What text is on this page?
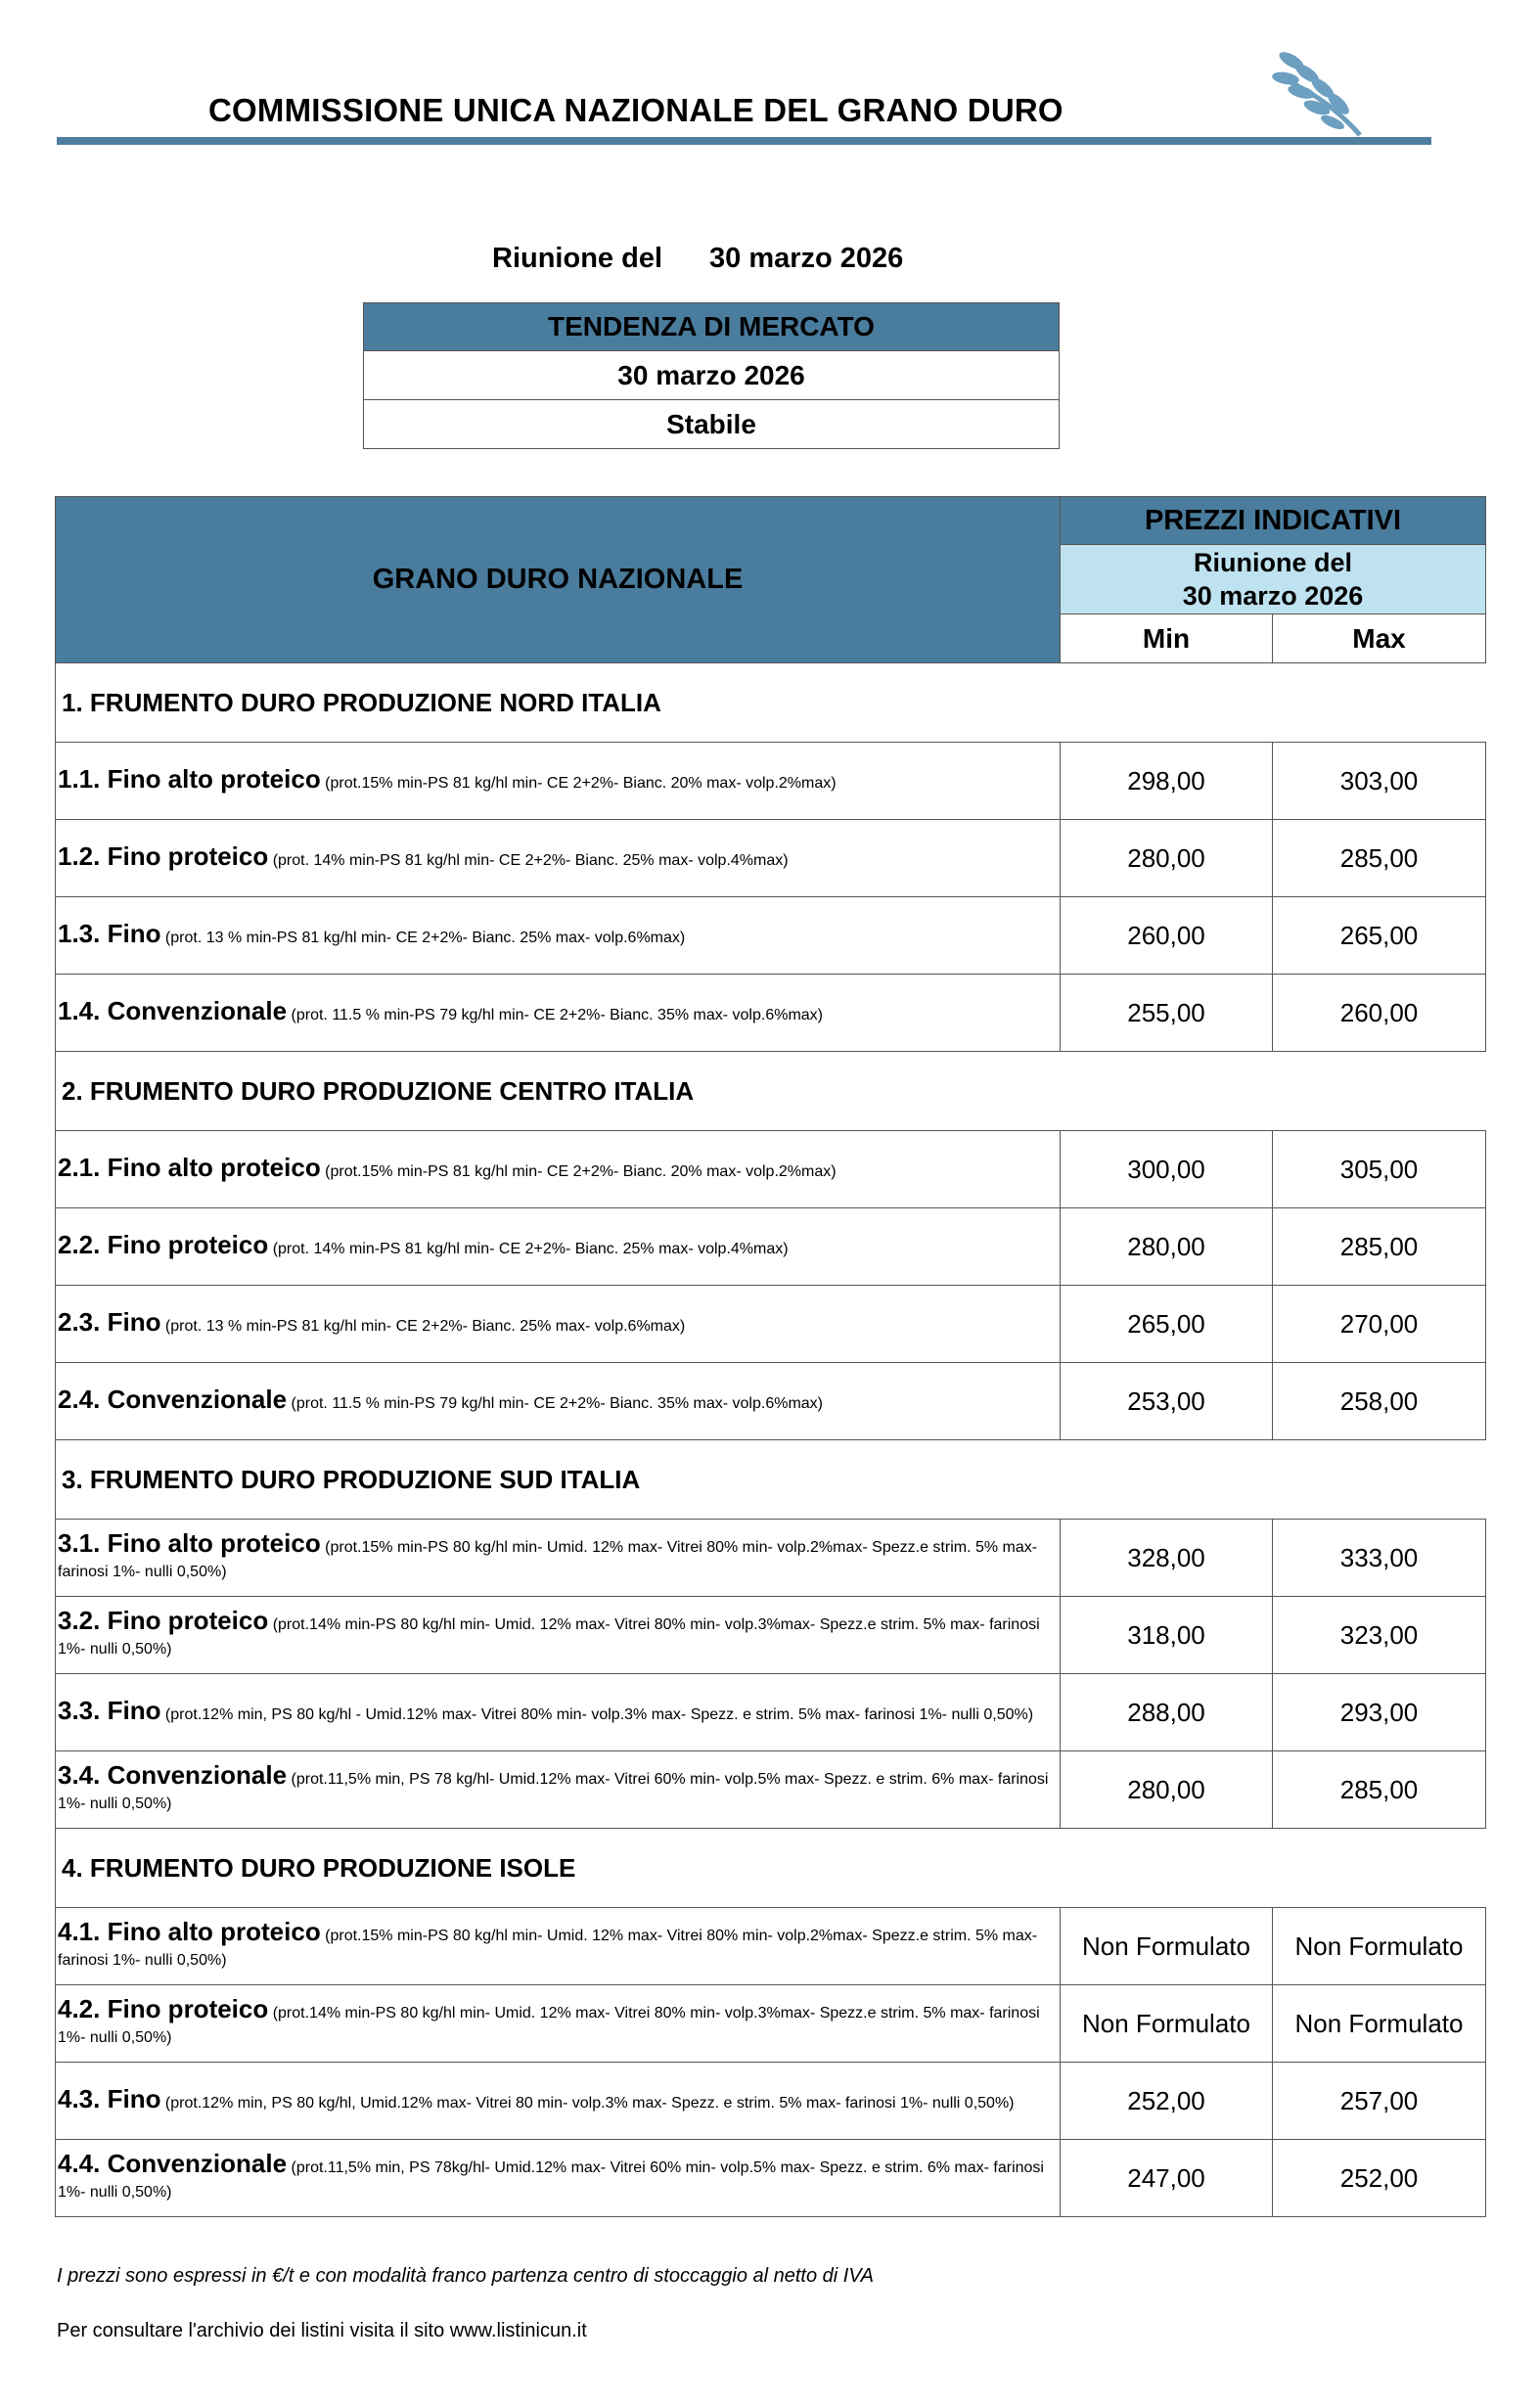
COMMISSIONE UNICA NAZIONALE DEL GRANO DURO
Riunione del 30 marzo 2026
TENDENZA DI MERCATO
30 marzo 2026
Stabile
GRANO DURO NAZIONALE	PREZZI INDICATIVI	

	Riunione del
30 marzo 2026	

	Min	Max
1. FRUMENTO DURO PRODUZIONE NORD ITALIA		
1.1. Fino alto proteico (prot.15% min-PS 81 kg/hl min- CE 2+2%- Bianc. 20% max- volp.2%max)	298,00	303,00
1.2. Fino proteico (prot. 14% min-PS 81 kg/hl min- CE 2+2%- Bianc. 25% max- volp.4%max)	280,00	285,00
1.3. Fino (prot. 13 % min-PS 81 kg/hl min- CE 2+2%- Bianc. 25% max- volp.6%max)	260,00	265,00
1.4. Convenzionale (prot. 11.5 % min-PS 79 kg/hl min- CE 2+2%- Bianc. 35% max- volp.6%max)	255,00	260,00
2. FRUMENTO DURO PRODUZIONE CENTRO ITALIA		
2.1. Fino alto proteico (prot.15% min-PS 81 kg/hl min- CE 2+2%- Bianc. 20% max- volp.2%max)	300,00	305,00
2.2. Fino proteico (prot. 14% min-PS 81 kg/hl min- CE 2+2%- Bianc. 25% max- volp.4%max)	280,00	285,00
2.3. Fino (prot. 13 % min-PS 81 kg/hl min- CE 2+2%- Bianc. 25% max- volp.6%max)	265,00	270,00
2.4. Convenzionale (prot. 11.5 % min-PS 79 kg/hl min- CE 2+2%- Bianc. 35% max- volp.6%max)	253,00	258,00
3. FRUMENTO DURO PRODUZIONE SUD ITALIA		
3.1. Fino alto proteico (prot.15% min-PS 80 kg/hl min- Umid. 12% max- Vitrei 80% min- volp.2%max- Spezz.e strim. 5% max- farinosi 1%- nulli 0,50%)	328,00	333,00
3.2. Fino proteico (prot.14% min-PS 80 kg/hl min- Umid. 12% max- Vitrei 80% min- volp.3%max- Spezz.e strim. 5% max- farinosi 1%- nulli 0,50%)	318,00	323,00
3.3. Fino (prot.12% min, PS 80 kg/hl - Umid.12% max- Vitrei 80% min- volp.3% max- Spezz. e strim. 5% max- farinosi 1%- nulli 0,50%)	288,00	293,00
3.4. Convenzionale (prot.11,5% min, PS 78 kg/hl- Umid.12% max- Vitrei 60% min- volp.5% max- Spezz. e strim. 6% max- farinosi 1%- nulli 0,50%)	280,00	285,00
4. FRUMENTO DURO PRODUZIONE ISOLE		
4.1. Fino alto proteico (prot.15% min-PS 80 kg/hl min- Umid. 12% max- Vitrei 80% min- volp.2%max- Spezz.e strim. 5% max- farinosi 1%- nulli 0,50%)	Non Formulato	Non Formulato
4.2. Fino proteico (prot.14% min-PS 80 kg/hl min- Umid. 12% max- Vitrei 80% min- volp.3%max- Spezz.e strim. 5% max- farinosi 1%- nulli 0,50%)	Non Formulato	Non Formulato
4.3. Fino (prot.12% min, PS 80 kg/hl, Umid.12% max- Vitrei 80 min- volp.3% max- Spezz. e strim. 5% max- farinosi 1%- nulli 0,50%)	252,00	257,00
4.4. Convenzionale (prot.11,5% min, PS 78kg/hl- Umid.12% max- Vitrei 60% min- volp.5% max- Spezz. e strim. 6% max- farinosi 1%- nulli 0,50%)	247,00	252,00
I prezzi sono espressi in €/t e con modalità franco partenza centro di stoccaggio al netto di IVA
Per consultare l'archivio dei listini visita il sito www.listinicun.it
